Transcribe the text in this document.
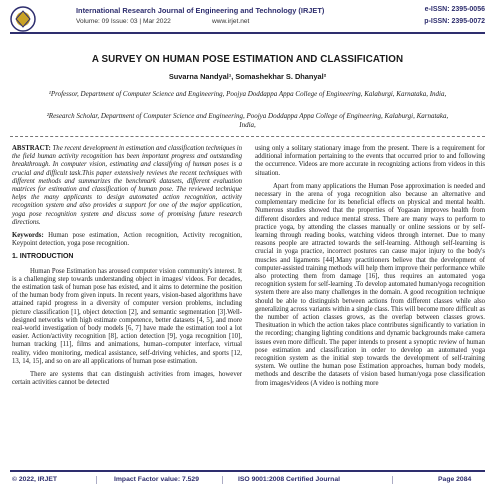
International Research Journal of Engineering and Technology (IRJET)
Volume: 09 Issue: 03 | Mar 2022	www.irjet.net
e-ISSN: 2395-0056
p-ISSN: 2395-0072
A SURVEY ON HUMAN POSE ESTIMATION AND CLASSIFICATION
Suvarna Nandyal¹, Somashekhar S. Dhanyal²
¹Professor, Department of Computer Science and Engineering, Poojya Doddappa Appa College of Engineering, Kalaburgi, Karnataka, India,
²Research Scholar, Department of Computer Science and Engineering, Poojya Doddappa Appa College of Engineering, Kalaburgi, Karnataka, India,

ABSTRACT: The recent development in estimation and classification techniques in the field human activity recognition has been important progress and outstanding breakthrough. In computer vision, estimating and classifying of human poses is a crucial and difficult task.This paper extensively reviews the recent techniques with different methods and summarizes the benchmark datasets, different evaluation matrices for estimation and classification of human pose. The reviewed technique helps the many applicants to design automated action recognition, activity recognition system and also provides a support for one of the major application, yoga pose recognition system and discuss some of promising future research directions.

Keywords: Human pose estimation, Action recognition, Activity recognition, Keypoint detection, yoga pose recognition.

1. INTRODUCTION

Human Pose Estimation has aroused computer vision community's interest. It is a challenging step towards understanding object in images/ videos. For decades, the estimation task of human pose has existed, and it aims to determine the position of the human body from given inputs. In recent years, vision-based algorithms have attained rapid progress in a diversity of computer version problems, including picture classification [1], object detection [2], and semantic segmentation [3].Well-designed networks with high estimate competence, better datasets [4, 5], and more real-world investigation of body models [6, 7] have made the estimation tool a lot easier. Action/activity recognition [8], action detection [9], yoga recognition [10], human tracking [11], films and animations, human–computer interface, virtual reality, video monitoring, medical assistance, self-driving vehicles, and sports [12, 13, 14, 15], and so on are all applications of human pose estimation.

There are systems that can distinguish activities from images, however certain activities cannot be detected

using only a solitary stationary image from the present. There is a requirement for additional information pertaining to the events that occurred prior to and following the occurrence. Videos are more accurate in recognizing actions from videos in this situation.

Apart from many applications the Human Pose approximation is needed and necessary in the arena of yoga recognition also because an alternative and complementary medicine for its beneficial effects on physical and mental health. Numerous studies showed that the properties of Yogasan improves health from different disorders and reduce mental stress. There are many ways to perform to practice yoga, by attending the classes manually or online sessions or by self-learning through reading books, watching videos through internet. Due to many reasons people are attracted towards the self-learning. Although self-learning is crucial in yoga practice, incorrect postures can cause major injury to the body's muscles and ligaments [44].Many practitioners believe that the development of computer-assisted training methods will help them improve their performance while also protecting them from damage [16], thus requires an automated yoga recognition system for self-learning .To develop automated human/yoga recognition system there are also many challenges in the domain. A good recognition technique should be able to distinguish between actions from different classes while also generalizing across variants within a single class. This will become more difficult as the number of action classes grows, as the overlap between classes grows. Thesituation in which the action takes place contributes significantly to variation in the recording; changing lighting conditions and dynamic backgrounds make camera issues even more difficult. The paper intends to present a synoptic review of human pose estimation and classification in order to develop an automated yoga recognition system as the initial step towards the development of self-training system. We outline the human pose Estimation approaches, human body models, methods and describe the datasets of vision based human/yoga pose classification from images/videos (A video is nothing more

© 2022, IRJET	| Impact Factor value: 7.529	| ISO 9001:2008 Certified Journal	|	Page 2084
